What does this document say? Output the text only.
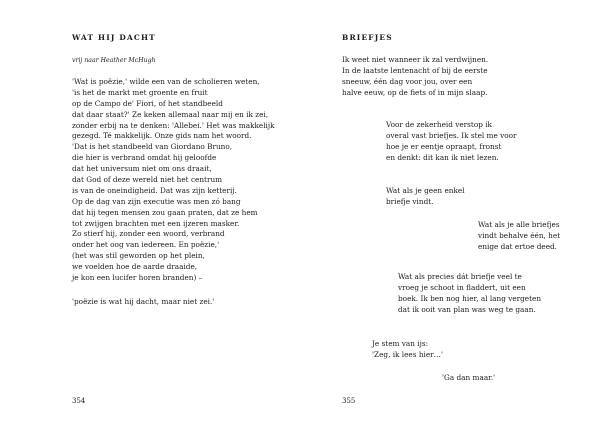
WAT HIJ DACHT
vrij naar Heather McHugh
'Wat is poëzie,' wilde een van de scholieren weten,
'is het de markt met groente en fruit
op de Campo de' Fiori, of het standbeeld
dat daar staat?' Ze keken allemaal naar mij en ik zei,
zonder erbij na te denken: 'Allebei.' Het was makkelijk
gezegd. Té makkelijk. Onze gids nam het woord.
'Dat is het standbeeld van Giordano Bruno,
die hier is verbrand omdat hij geloofde
dat het universum niet om ons draait,
dat God of deze wereld niet het centrum
is van de oneindigheid. Dat was zijn ketterij.
Op de dag van zijn executie was men zó bang
dat hij tegen mensen zou gaan praten, dat ze hem
tot zwijgen brachten met een ijzeren masker.
Zo stierf hij, zonder een woord, verbrand
onder het oog van iedereen. En poëzie,'
(het was stil geworden op het plein,
we voelden hoe de aarde draaide,
je kon een lucifer horen branden) –
'poëzie is wat hij dacht, maar niet zei.'
354
BRIEFJES
Ik weet niet wanneer ik zal verdwijnen.
In de laatste lentenacht of bij de eerste
sneeuw, één dag voor jou, over een
halve eeuw, op de fiets of in mijn slaap.
Voor de zekerheid verstop ik
overal vast briefjes. Ik stel me voor
hoe je er eentje opraapt, fronst
en denkt: dit kan ik niet lezen.
Wat als je geen enkel
briefje vindt.
Wat als je alle briefjes
vindt behalve één, het
enige dat ertoe deed.
Wat als precies dát briefje veel te
vroeg je schoot in fladdert, uit een
boek. Ik ben nog hier, al lang vergeten
dat ik ooit van plan was weg te gaan.
Je stem van ijs:
'Zeg, ik lees hier…'
'Ga dan maar.'
355
